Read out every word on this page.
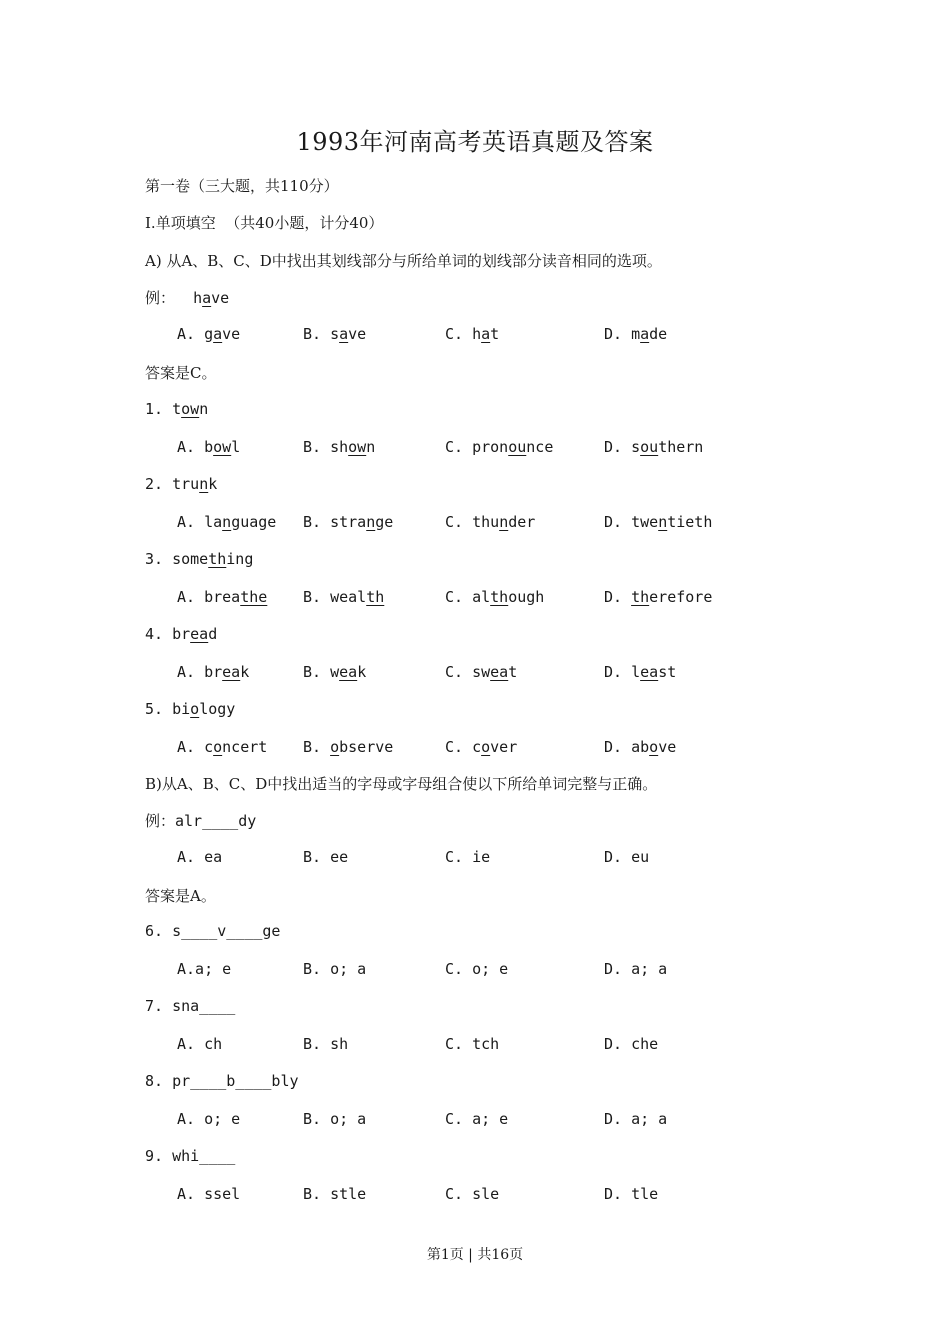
1993年河南高考英语真题及答案
第一卷（三大题，共110分）
Ⅰ.单项填空  （共40小题，计分40）
A) 从A、B、C、D中找出其划线部分与所给单词的划线部分读音相同的选项。
例： have

A. gave

	B. save

	C. hat

	D. made

答案是C。
1. town
A. bowl	B. shown	C. pronounce	D. southern
2. trunk
A. language B. strange	C. thunder	D. twentieth
3. something
A. breathe B. wealth	C. although	D. therefore
4. bread
A. break	B. weak	C. sweat	D. least
5. biology
A. concert B. observe	C. cover	D. above
B)从A、B、C、D中找出适当的字母或字母组合使以下所给单词完整与正确。
例：alr____dy

A. ea

	B. ee

	C. ie

	D. eu

答案是A。
6. s____v____ge
A.a; e	B. o; a	C. o; e	D. a; a
7. sna____
A. ch	B. sh	C. tch	D. che
8. pr____b____bly
A. o; e	B. o; a	C. a; e	D. a; a
9. whi____
A. ssel	B. stle	C. sle	D. tle
第1页 | 共16页
